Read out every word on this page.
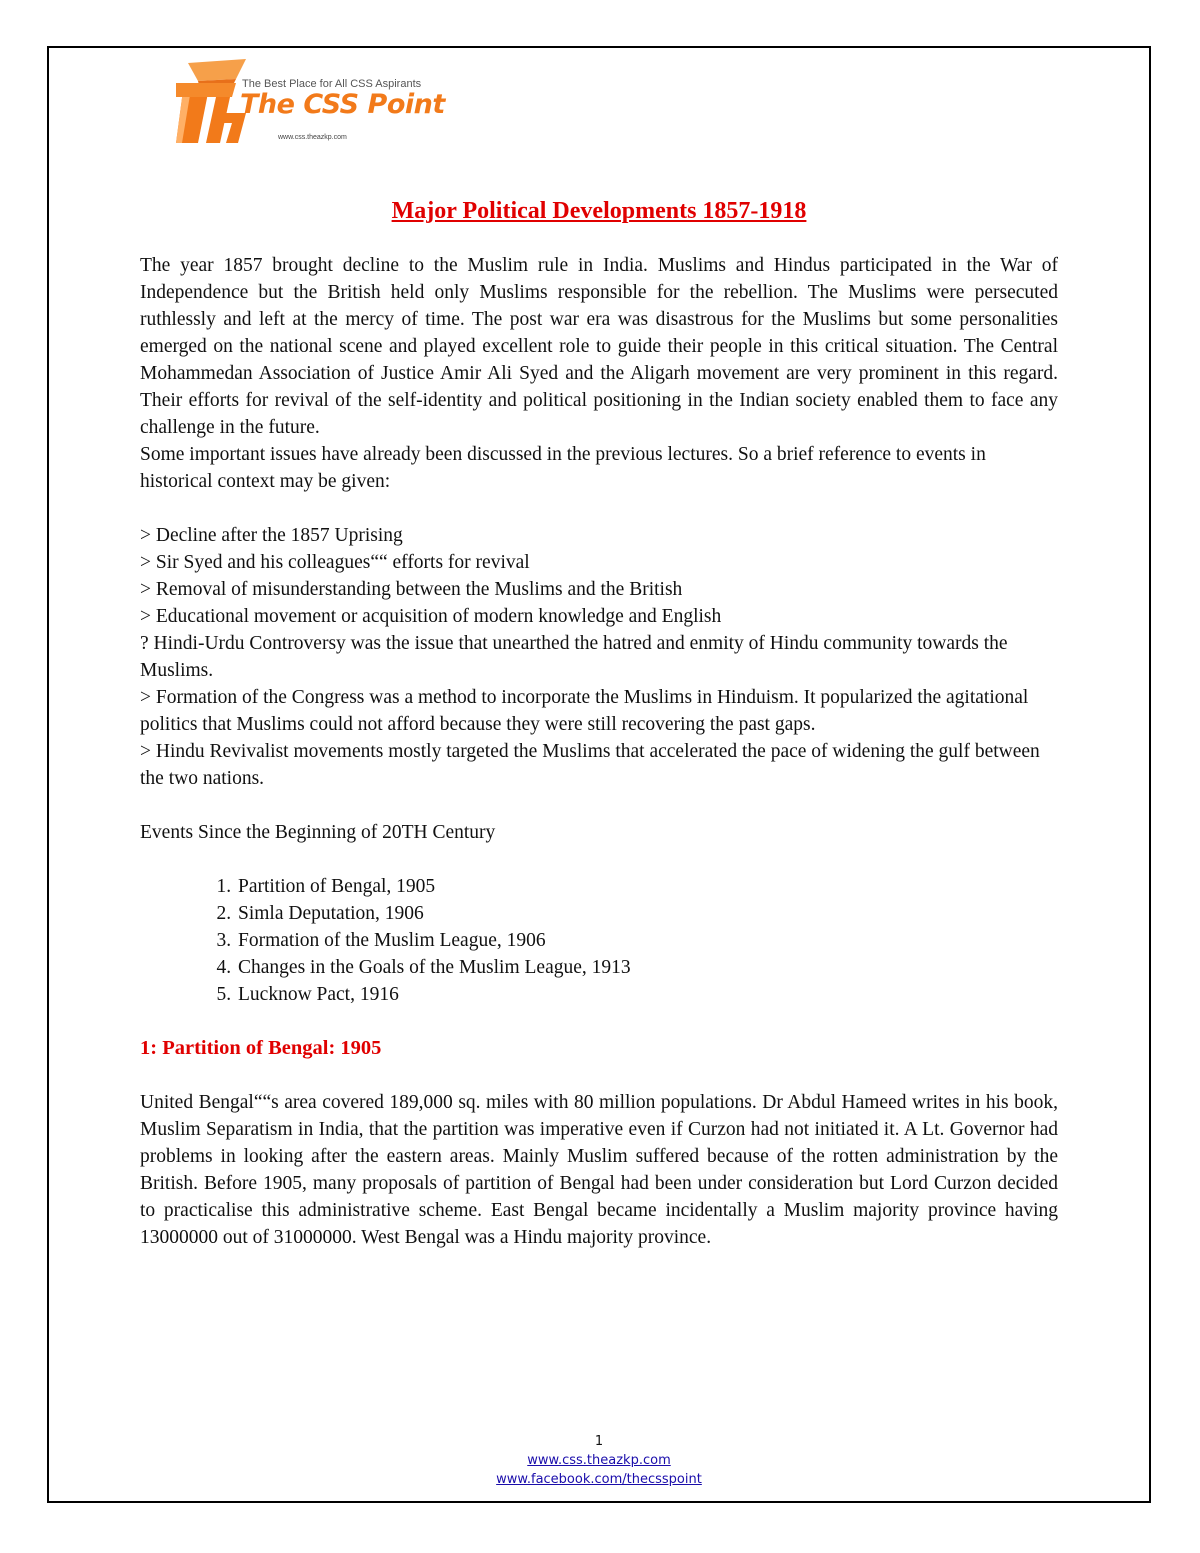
The Best Place for All CSS Aspirants
The CSS Point
www.css.theazkp.com
Major Political Developments 1857-1918

The year 1857 brought decline to the Muslim rule in India. Muslims and Hindus participated in the War of Independence but the British held only Muslims responsible for the rebellion. The Muslims were persecuted ruthlessly and left at the mercy of time. The post war era was disastrous for the Muslims but some personalities emerged on the national scene and played excellent role to guide their people in this critical situation. The Central Mohammedan Association of Justice Amir Ali Syed and the Aligarh movement are very prominent in this regard. Their efforts for revival of the self-identity and political positioning in the Indian society enabled them to face any challenge in the future.

Some important issues have already been discussed in the previous lectures. So a brief reference to events in historical context may be given:

> Decline after the 1857 Uprising
> Sir Syed and his colleagues““ efforts for revival
> Removal of misunderstanding between the Muslims and the British
> Educational movement or acquisition of modern knowledge and English
? Hindi-Urdu Controversy was the issue that unearthed the hatred and enmity of Hindu community towards the Muslims.
> Formation of the Congress was a method to incorporate the Muslims in Hinduism. It popularized the agitational politics that Muslims could not afford because they were still recovering the past gaps.
> Hindu Revivalist movements mostly targeted the Muslims that accelerated the pace of widening the gulf between the two nations.

Events Since the Beginning of 20TH Century

1. Partition of Bengal, 1905
2. Simla Deputation, 1906
3. Formation of the Muslim League, 1906
4. Changes in the Goals of the Muslim League, 1913
5. Lucknow Pact, 1916
1: Partition of Bengal: 1905

United Bengal““s area covered 189,000 sq. miles with 80 million populations. Dr Abdul Hameed writes in his book, Muslim Separatism in India, that the partition was imperative even if Curzon had not initiated it. A Lt. Governor had problems in looking after the eastern areas. Mainly Muslim suffered because of the rotten administration by the British. Before 1905, many proposals of partition of Bengal had been under consideration but Lord Curzon decided to practicalise this administrative scheme. East Bengal became incidentally a Muslim majority province having 13000000 out of 31000000. West Bengal was a Hindu majority province.

1
www.css.theazkp.com
www.facebook.com/thecsspoint
